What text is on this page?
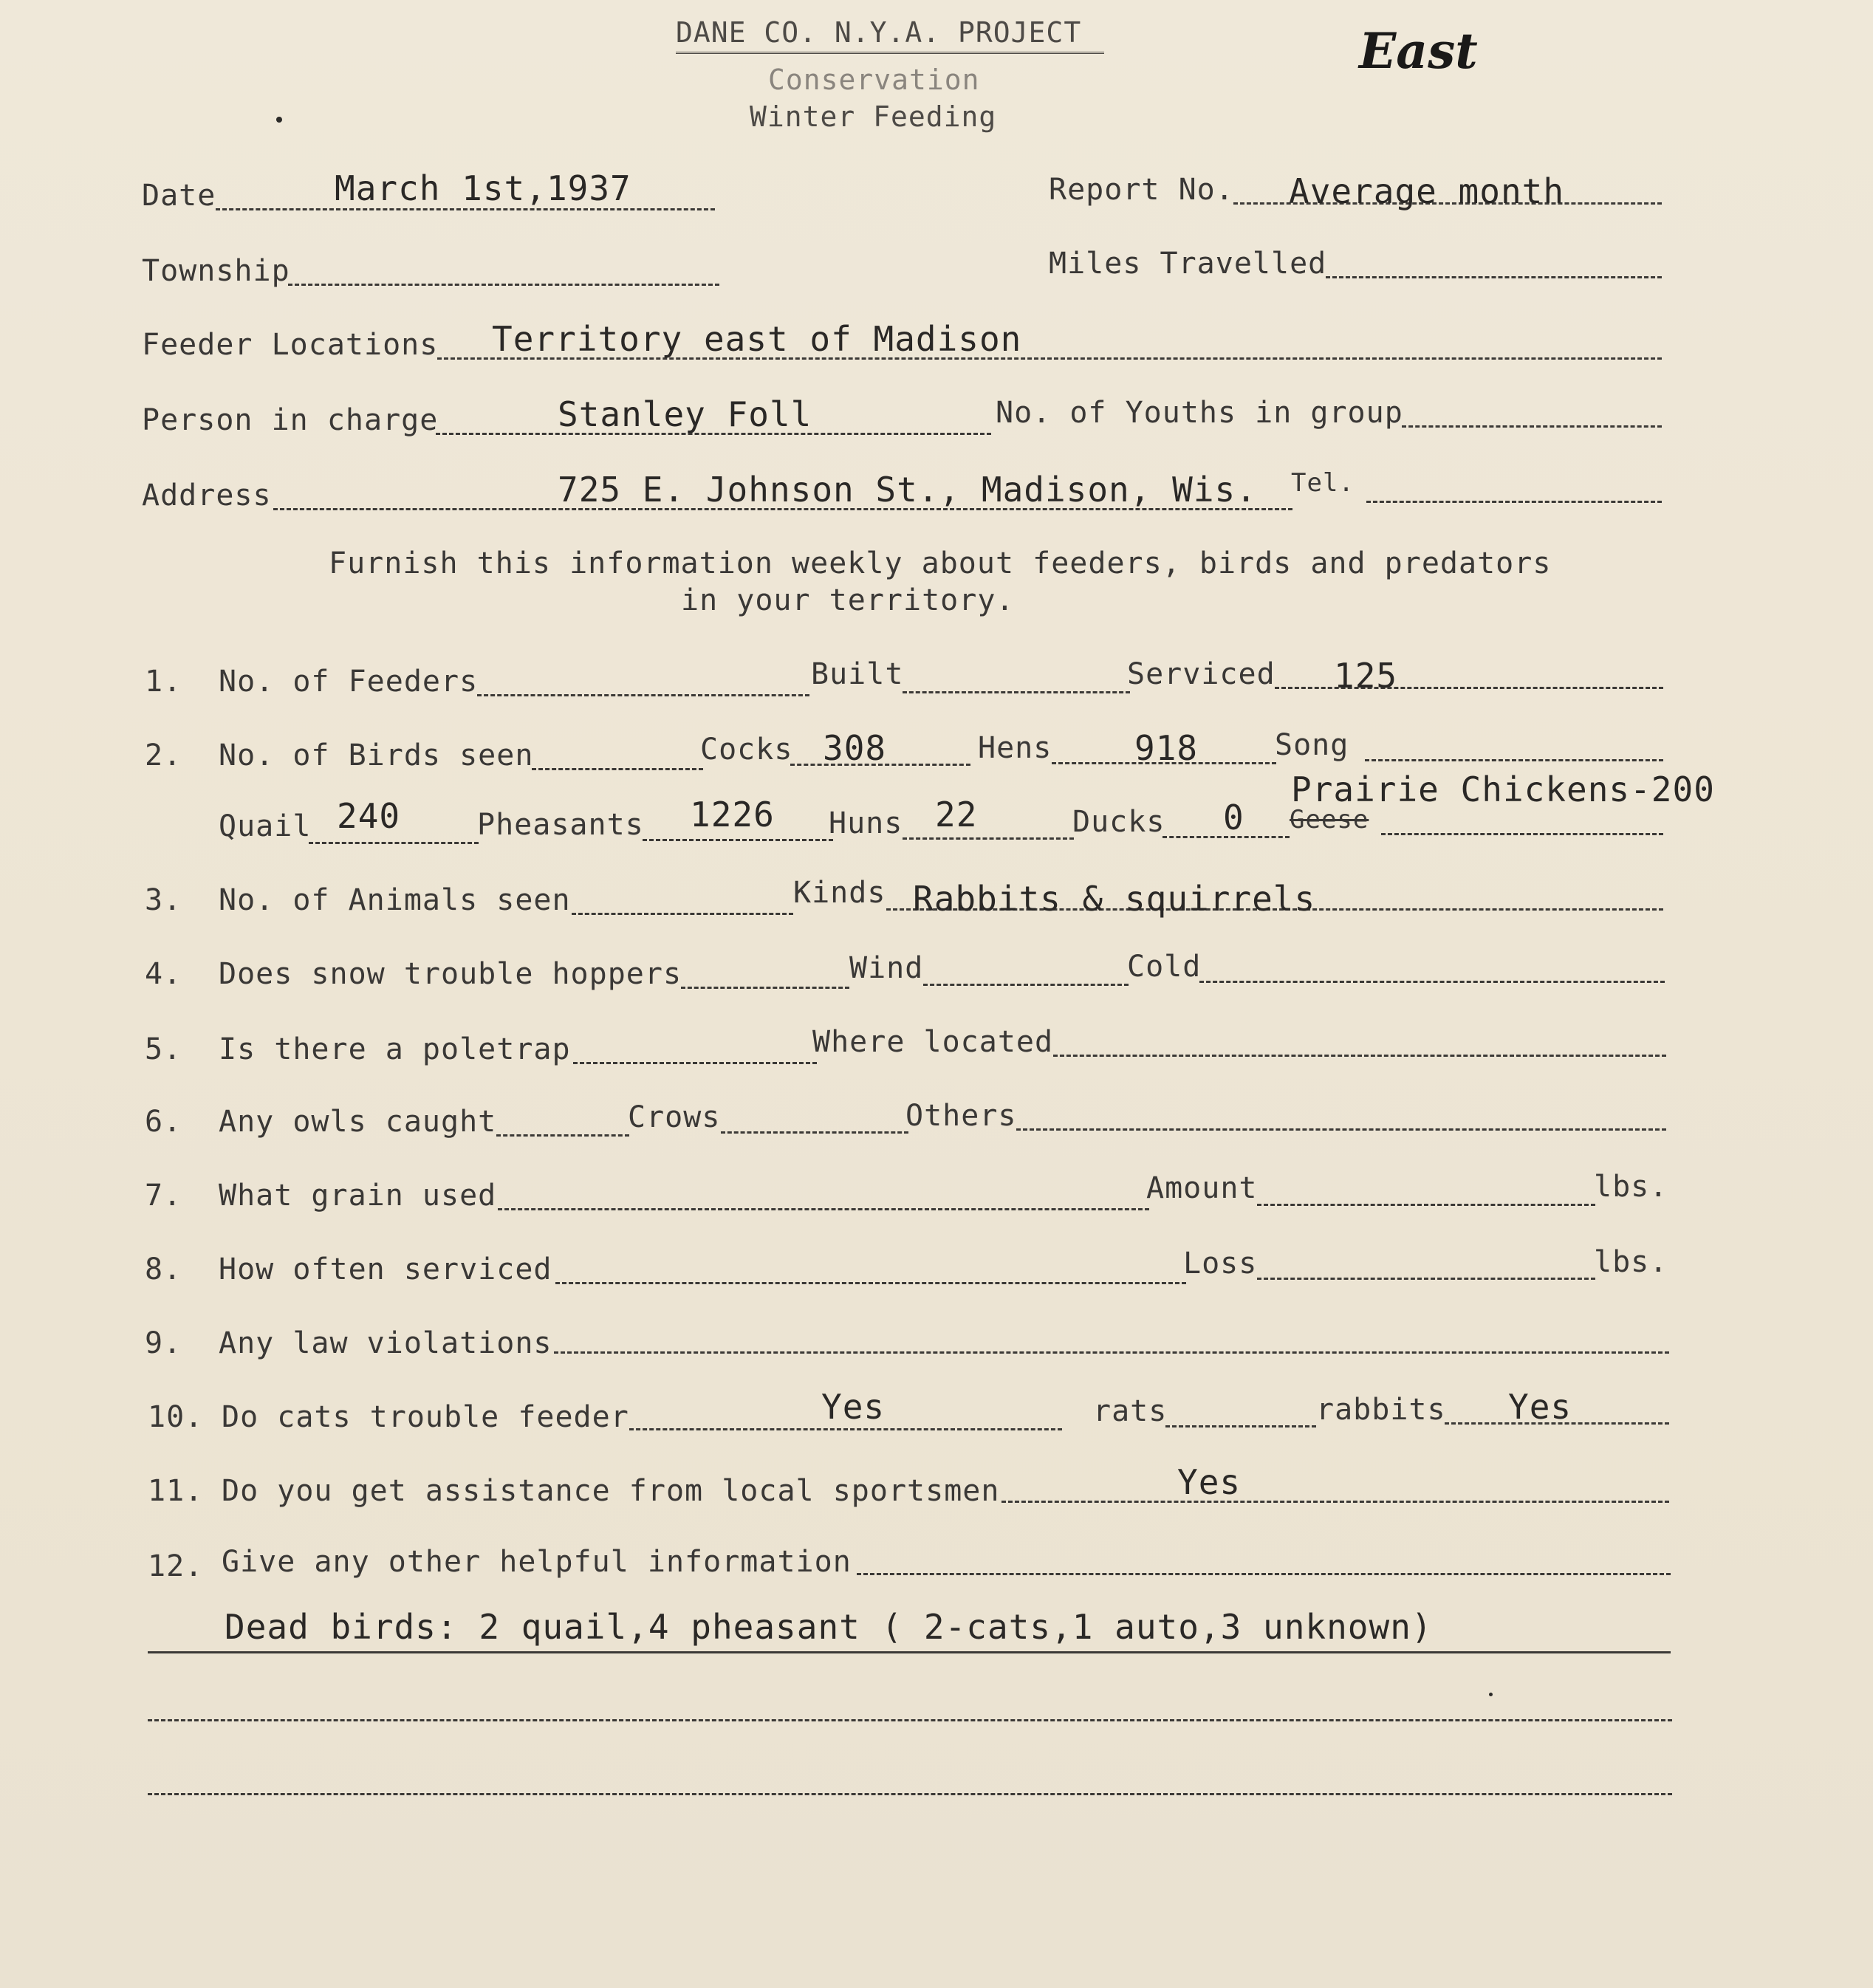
DANE CO. N.Y.A. PROJECT
Conservation
Winter Feeding
East
Date	March 1st,1937	Report No. Average month
Township	Miles Travelled
Feeder Locations Territory east of Madison
Person in charge	Stanley Foll	No. of Youths in group
Address	725 E. Johnson St., Madison, Wis. Tel.
Furnish this information weekly about feeders, birds and predators
in your territory.
1. No. of Feeders	Built	Serviced 125
2. No. of Birds seen	Cocks 308	Hens 918	Song
Quail 240	Pheasants 1226 Huns 22	Ducks 0 Geese
Prairie Chickens-200
3. No. of Animals seen	Kinds Rabbits & squirrels
4. Does snow trouble hoppers	Wind	Cold
5. Is there a poletrap	Where located
6. Any owls caught	Crows	Others
7. What grain used	Amount	lbs.
8. How often serviced	Loss	lbs.
9. Any law violations
10. Do cats trouble feeder	Yes	rats	rabbits Yes
11. Do you get assistance from local sportsmen	Yes
12. Give any other helpful information
Dead birds: 2 quail,4 pheasant ( 2-cats,1 auto,3 unknown)
